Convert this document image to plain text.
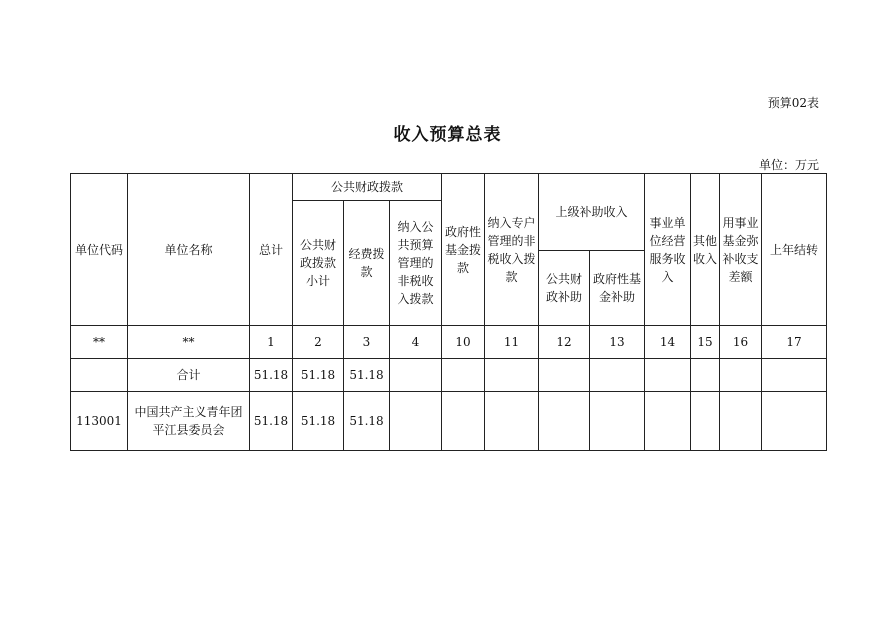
预算02表
收入预算总表
单位：万元
单位代码	单位名称	总计	公共财政拨款			政府性基金拨款	纳入专户管理的非税收入拨款	上级补助收入		事业单位经营服务收入	其他收入	用事业基金弥补收支差额	上年结转
			公共财政拨款小计	经费拨款	纳入公共预算管理的非税收入拨款								
								公共财政补助	政府性基金补助				
**	**	1	2	3	4	10	11	12	13	14	15	16	17
	合计	51.18	51.18	51.18									
113001	中国共产主义青年团平江县委员会	51.18	51.18	51.18									
